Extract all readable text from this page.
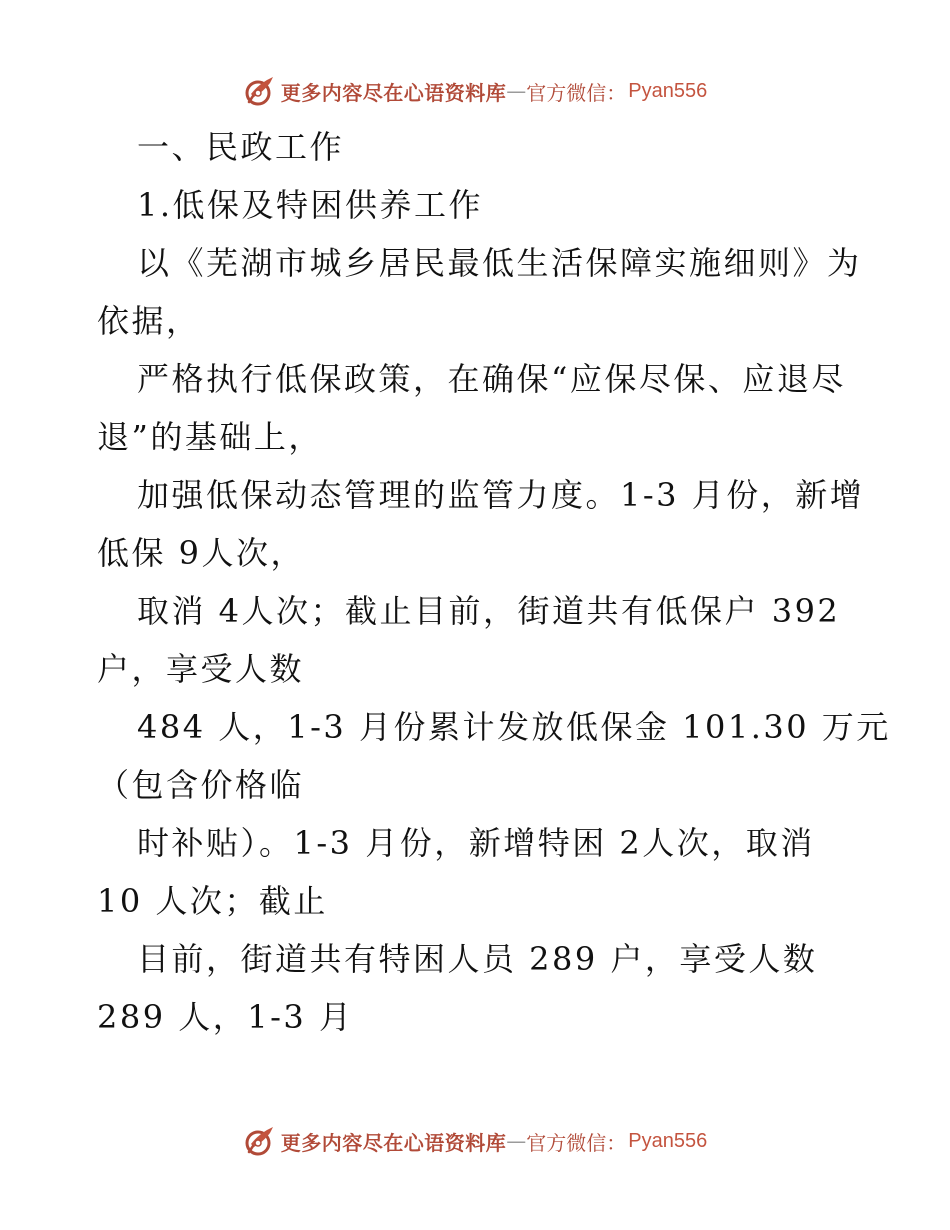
更多内容尽在心语资料库 — 官方微信： Pyan556
一、民政工作
1.低保及特困供养工作
以《芜湖市城乡居民最低生活保障实施细则》为
依据，
严格执行低保政策，在确保“应保尽保、应退尽
退”的基础上，
加强低保动态管理的监管力度。1-3 月份，新增
低保 9人次，
取消 4人次；截止目前，街道共有低保户 392
户，享受人数
484 人，1-3 月份累计发放低保金 101.30 万元
（包含价格临
时补贴）。1-3 月份，新增特困 2人次，取消
10 人次；截止
目前，街道共有特困人员 289 户，享受人数
289 人，1-3 月
更多内容尽在心语资料库 — 官方微信： Pyan556
